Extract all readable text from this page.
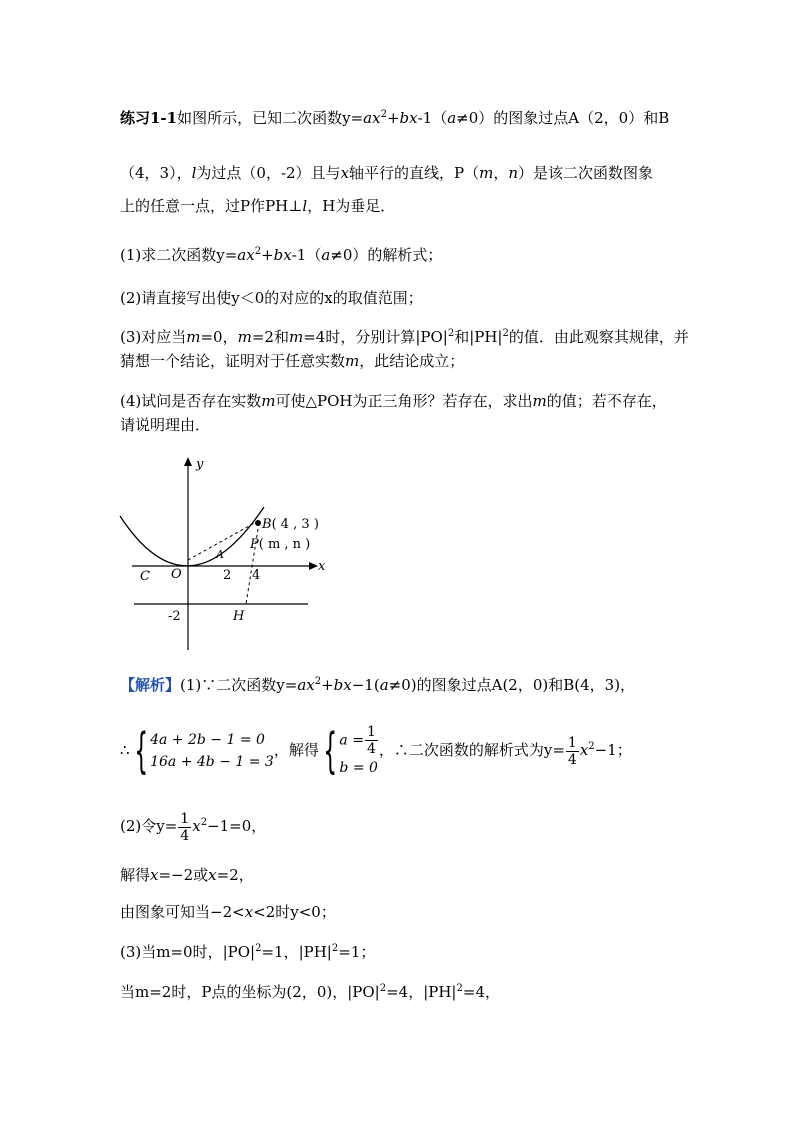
练习1-1如图所示，已知二次函数$y=ax^2+bx-1(a\ne 0)$的图象过点A（2，0）和B
（4，3），l为过点（0，-2）且与x轴平行的直线，P（m，n）是该二次函数图象
上的任意一点，过P作PH⊥l，H为垂足．
(1)求二次函数$y=ax^2+bx-1(a\ne 0)$的解析式；
(2)请直接写出使y＜0的对应的x的取值范围；
(3)对应当m=0，m=2和m=4时，分别计算$|PO|^2$和$|PH|^2$的值．由此观察其规律，并
猜想一个结论，证明对于任意实数m，此结论成立；
(4)试问是否存在实数m可使△POH为正三角形？若存在，求出m的值；若不存在，
请说明理由．
y
x
O
C
A
2 4
-2	H
B( 4 , 3 )
P( m , n )
【解析】(1)∵二次函数$y=ax^2+bx-1(a\ne 0)$的图象过点A(2，0)和B(4，3)，
∴{ 4a + 2b − 1 = 0
16a + 4b − 1 = 3
，解得{ $a = \frac{1}{4}$
b = 0
，∴二次函数的解析式为$y= \frac{1}{4} x^2-1$；
(2)令$y= \frac{1}{4} x^2-1=0$，
解得x=−2或x=2，
由图象可知当−2<x<2时y<0；
(3)当m=0时，$|PO|^2=1$，$|PH|^2=1$；
当m=2时，P点的坐标为(2，0)，$|PO|^2=4$，$|PH|^2=4$，
